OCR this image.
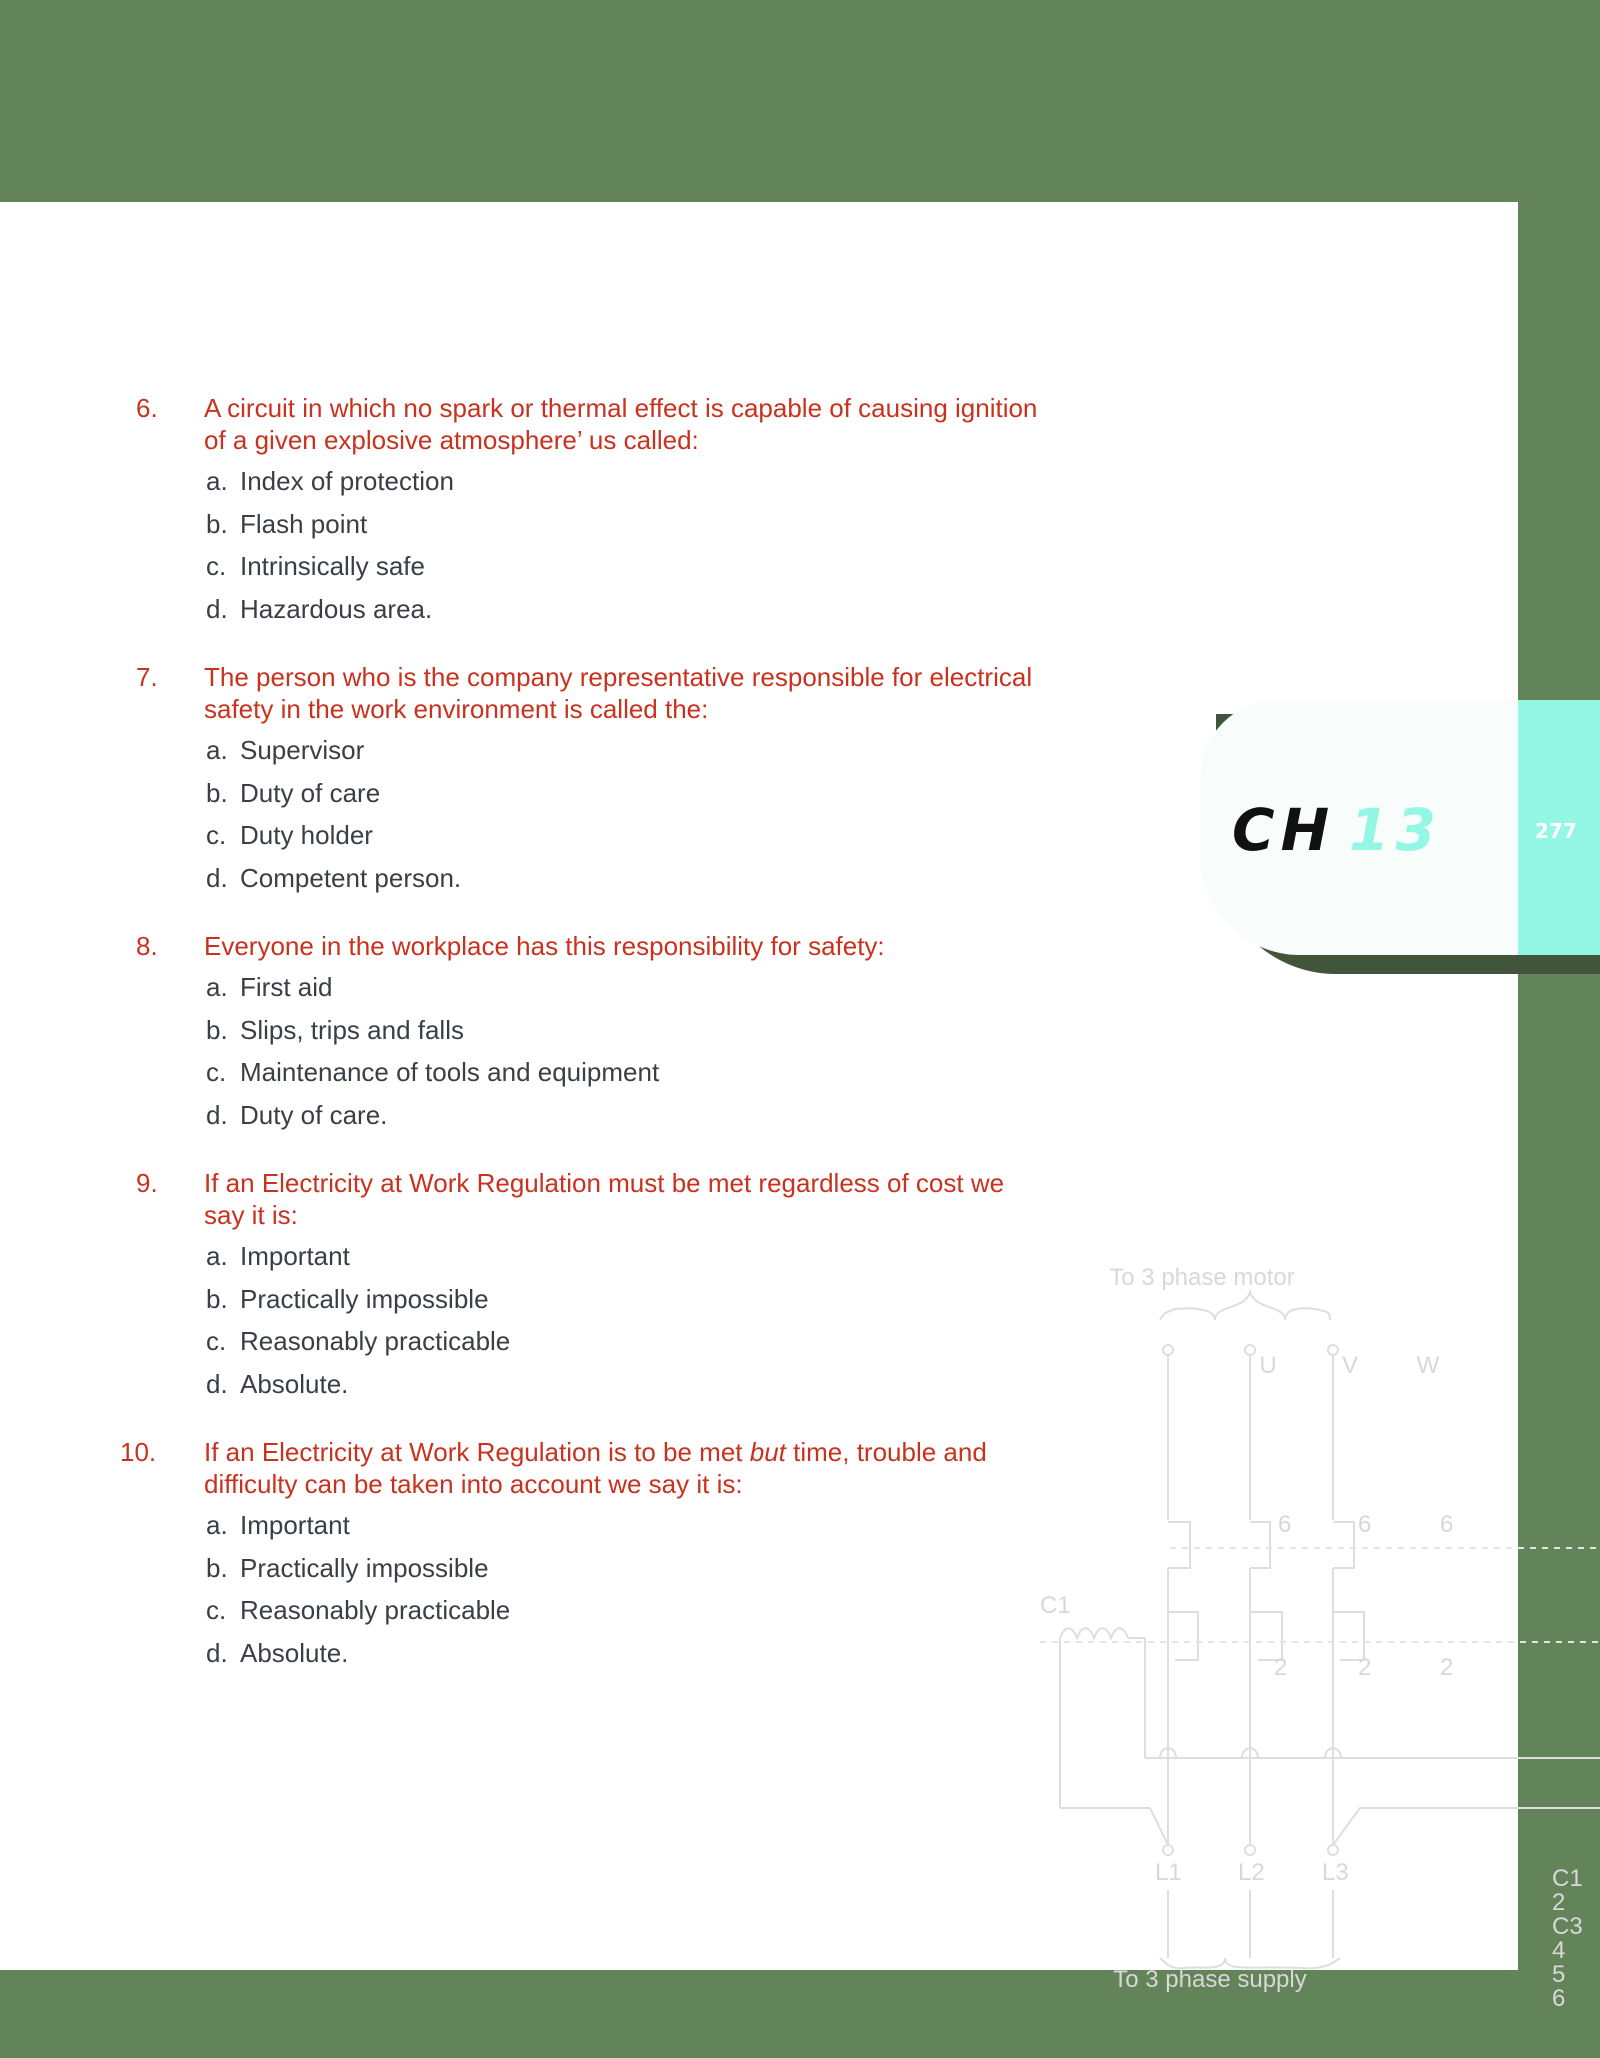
To 3 phase supply
To 3 phase motor
U	V W
6	6	6
2	2	2
C1
L1 L2 L3	C1
2
C3
4
5
6
CH 13	277

6. A circuit in which no spark or thermal effect is capable of causing ignition of a given explosive atmosphere’ us called:

a. Index of protection
b. Flash point
c. Intrinsically safe
d. Hazardous area.

7. The person who is the company representative responsible for electrical safety in the work environment is called the:

a. Supervisor
b. Duty of care
c. Duty holder
d. Competent person.

8. Everyone in the workplace has this responsibility for safety:

a. First aid
b. Slips, trips and falls
c. Maintenance of tools and equipment
d. Duty of care.

9. If an Electricity at Work Regulation must be met regardless of cost we say it is:

a. Important
b. Practically impossible
c. Reasonably practicable
d. Absolute.

10. If an Electricity at Work Regulation is to be met but time, trouble and difficulty can be taken into account we say it is:

a. Important
b. Practically impossible
c. Reasonably practicable
d. Absolute.
